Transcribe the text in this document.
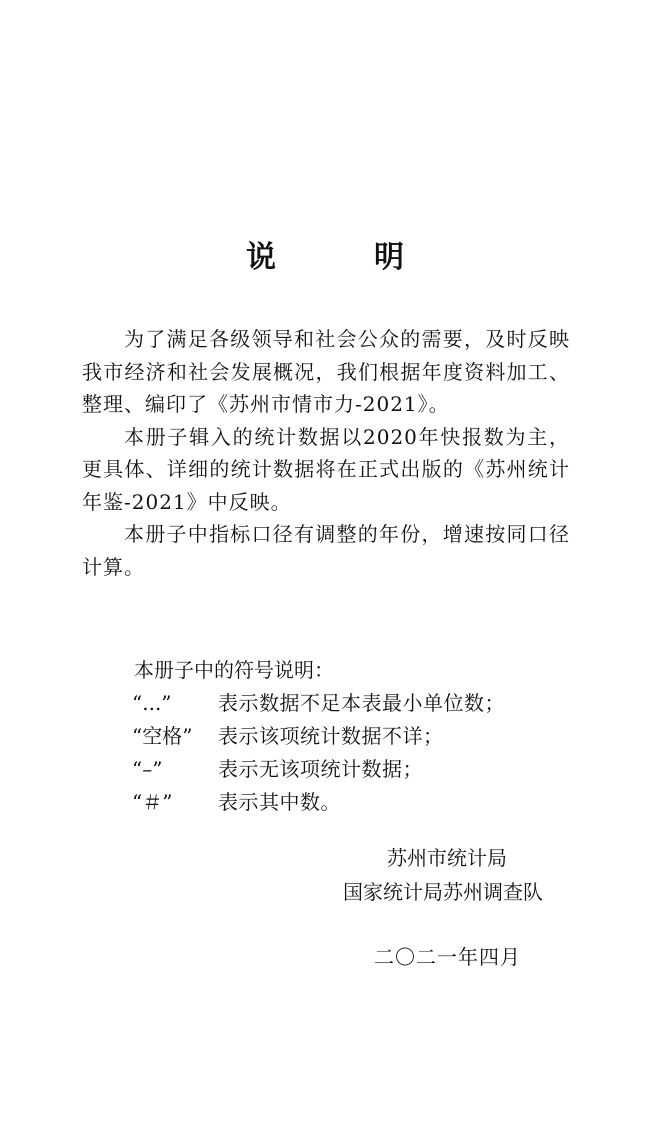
说　明

为了满足各级领导和社会公众的需要，及时反映我市经济和社会发展概况，我们根据年度资料加工、整理、编印了《苏州市情市力-2021》。

本册子辑入的统计数据以2020年快报数为主，更具体、详细的统计数据将在正式出版的《苏州统计年鉴-2021》中反映。

本册子中指标口径有调整的年份，增速按同口径计算。

本册子中的符号说明：

“...”	表示数据不足本表最小单位数；
“空格”	表示该项统计数据不详；
“–”	表示无该项统计数据；
“＃”	表示其中数。
苏州市统计局
国家统计局苏州调查队
二〇二一年四月
